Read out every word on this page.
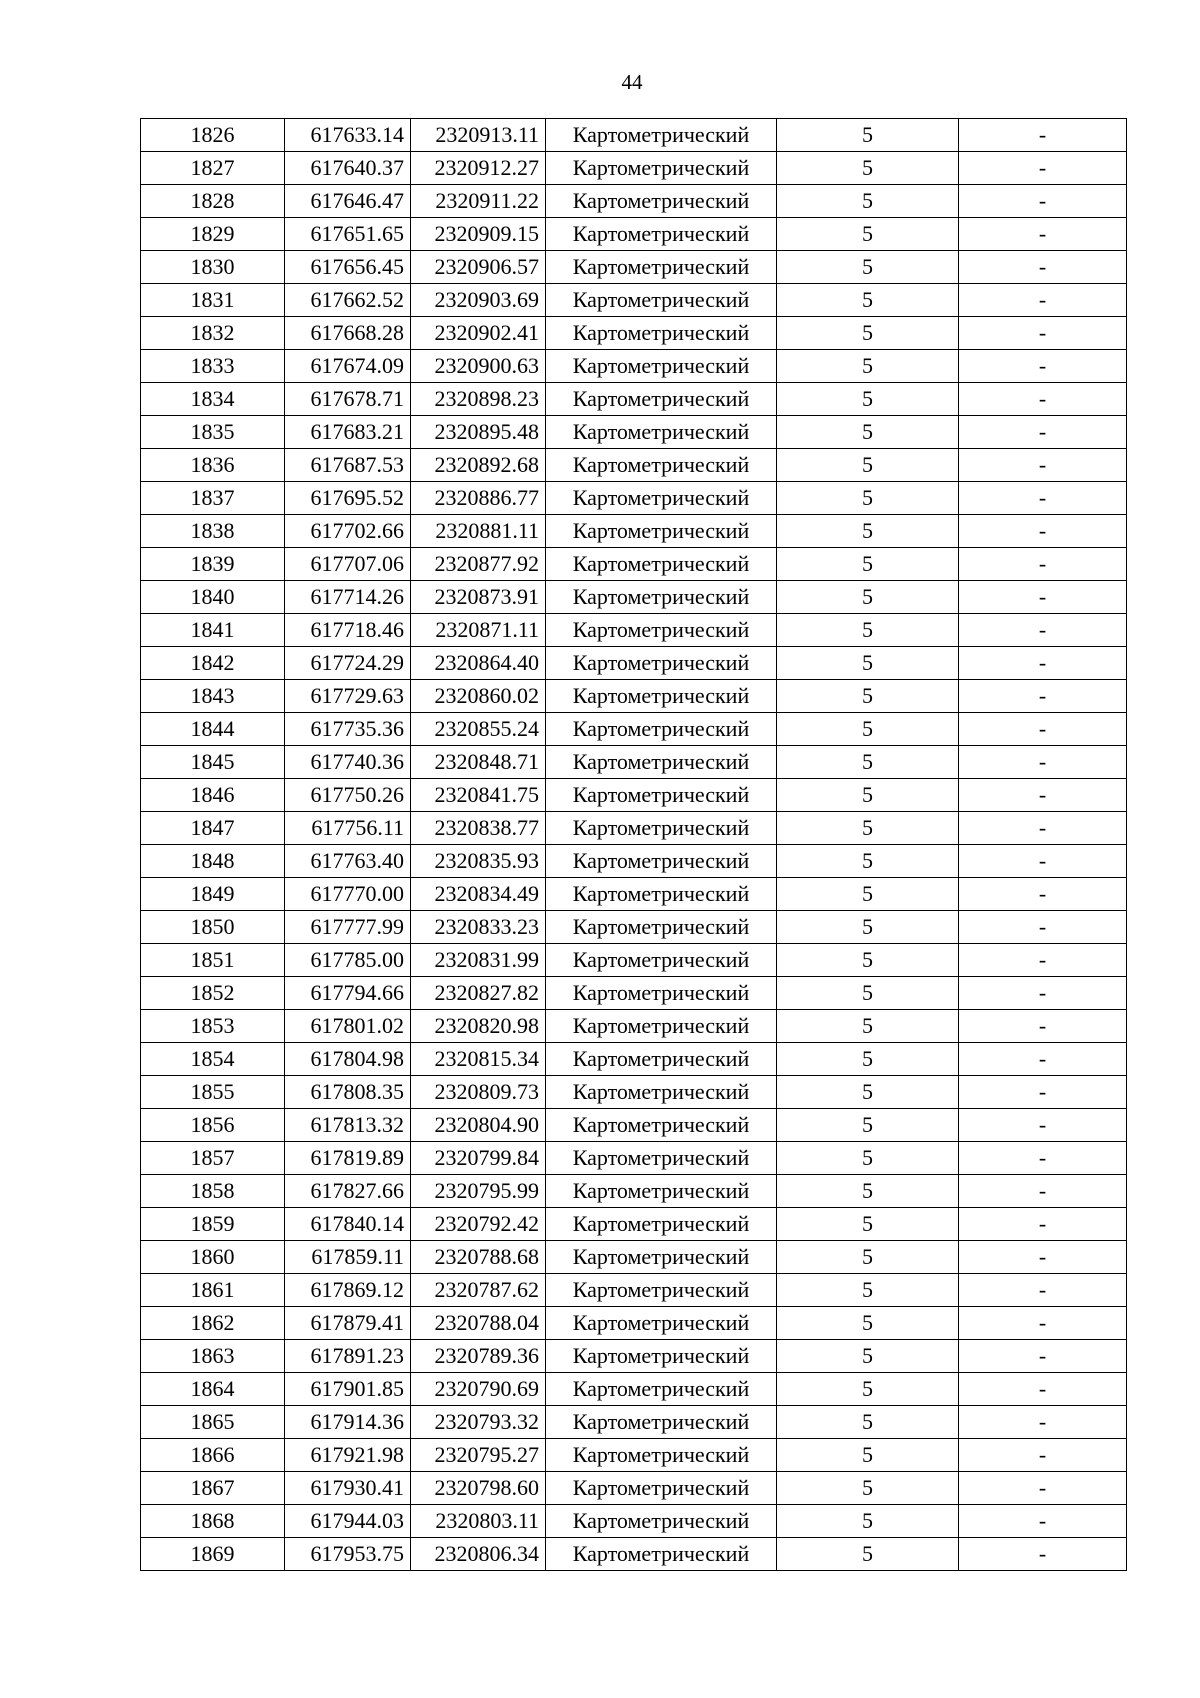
44
1826	617633.14	2320913.11	Картометрический	5	-
1827	617640.37	2320912.27	Картометрический	5	-
1828	617646.47	2320911.22	Картометрический	5	-
1829	617651.65	2320909.15	Картометрический	5	-
1830	617656.45	2320906.57	Картометрический	5	-
1831	617662.52	2320903.69	Картометрический	5	-
1832	617668.28	2320902.41	Картометрический	5	-
1833	617674.09	2320900.63	Картометрический	5	-
1834	617678.71	2320898.23	Картометрический	5	-
1835	617683.21	2320895.48	Картометрический	5	-
1836	617687.53	2320892.68	Картометрический	5	-
1837	617695.52	2320886.77	Картометрический	5	-
1838	617702.66	2320881.11	Картометрический	5	-
1839	617707.06	2320877.92	Картометрический	5	-
1840	617714.26	2320873.91	Картометрический	5	-
1841	617718.46	2320871.11	Картометрический	5	-
1842	617724.29	2320864.40	Картометрический	5	-
1843	617729.63	2320860.02	Картометрический	5	-
1844	617735.36	2320855.24	Картометрический	5	-
1845	617740.36	2320848.71	Картометрический	5	-
1846	617750.26	2320841.75	Картометрический	5	-
1847	617756.11	2320838.77	Картометрический	5	-
1848	617763.40	2320835.93	Картометрический	5	-
1849	617770.00	2320834.49	Картометрический	5	-
1850	617777.99	2320833.23	Картометрический	5	-
1851	617785.00	2320831.99	Картометрический	5	-
1852	617794.66	2320827.82	Картометрический	5	-
1853	617801.02	2320820.98	Картометрический	5	-
1854	617804.98	2320815.34	Картометрический	5	-
1855	617808.35	2320809.73	Картометрический	5	-
1856	617813.32	2320804.90	Картометрический	5	-
1857	617819.89	2320799.84	Картометрический	5	-
1858	617827.66	2320795.99	Картометрический	5	-
1859	617840.14	2320792.42	Картометрический	5	-
1860	617859.11	2320788.68	Картометрический	5	-
1861	617869.12	2320787.62	Картометрический	5	-
1862	617879.41	2320788.04	Картометрический	5	-
1863	617891.23	2320789.36	Картометрический	5	-
1864	617901.85	2320790.69	Картометрический	5	-
1865	617914.36	2320793.32	Картометрический	5	-
1866	617921.98	2320795.27	Картометрический	5	-
1867	617930.41	2320798.60	Картометрический	5	-
1868	617944.03	2320803.11	Картометрический	5	-
1869	617953.75	2320806.34	Картометрический	5	-
